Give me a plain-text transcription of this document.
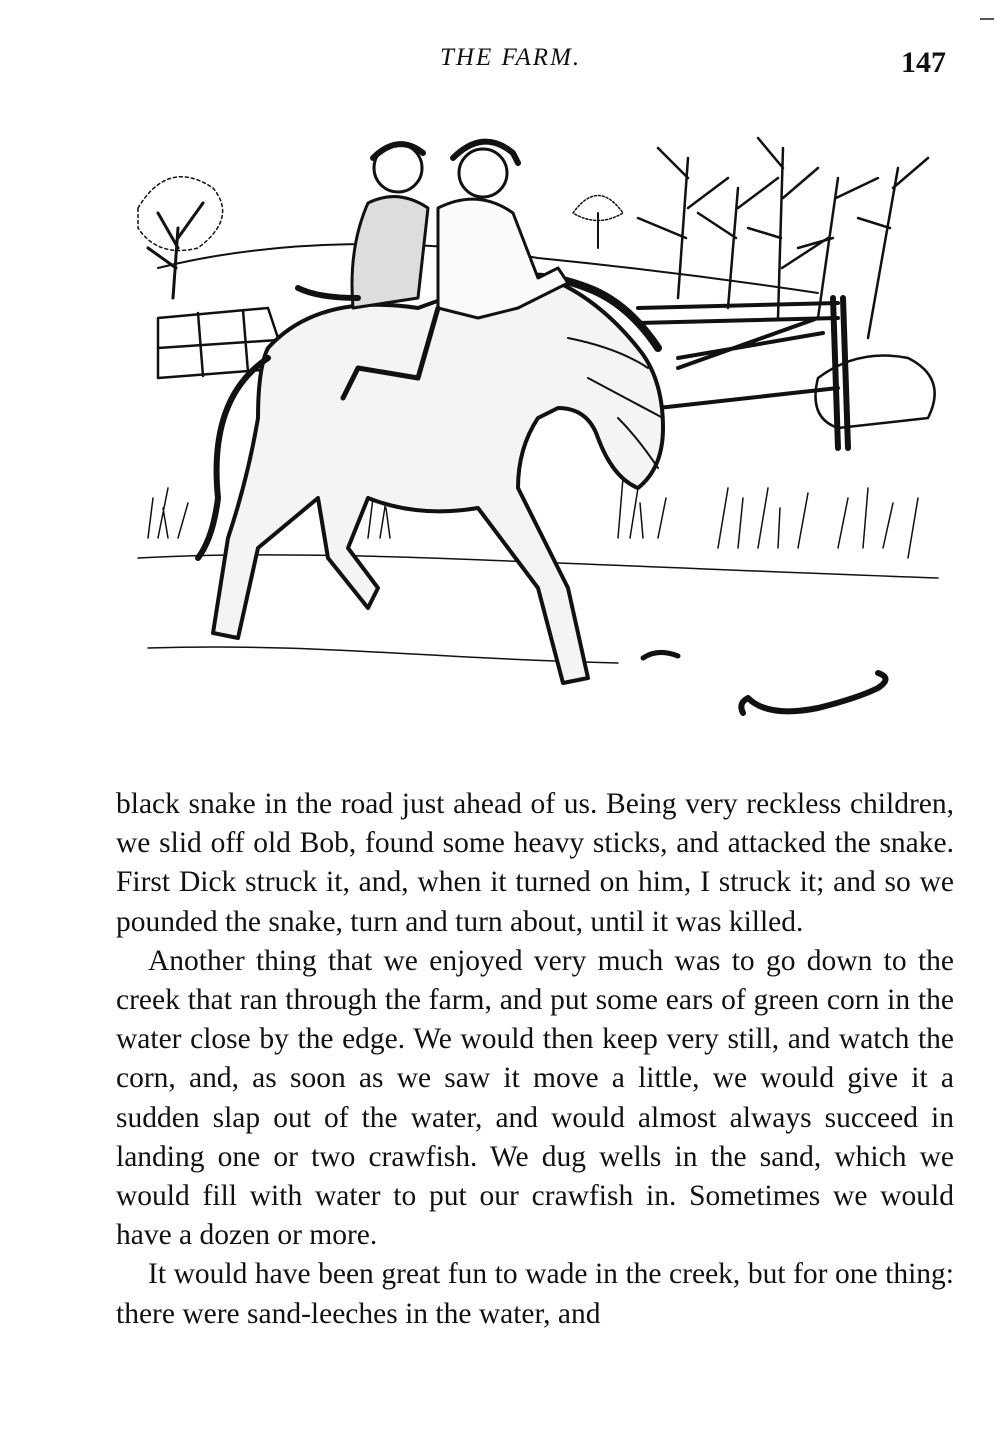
THE FARM.	147

black snake in the road just ahead of us. Being very reckless children, we slid off old Bob, found some heavy sticks, and attacked the snake. First Dick struck it, and, when it turned on him, I struck it; and so we pounded the snake, turn and turn about, until it was killed.

Another thing that we enjoyed very much was to go down to the creek that ran through the farm, and put some ears of green corn in the water close by the edge. We would then keep very still, and watch the corn, and, as soon as we saw it move a little, we would give it a sudden slap out of the water, and would almost always succeed in landing one or two crawfish. We dug wells in the sand, which we would fill with water to put our crawfish in. Sometimes we would have a dozen or more.

It would have been great fun to wade in the creek, but for one thing: there were sand-leeches in the water, and
